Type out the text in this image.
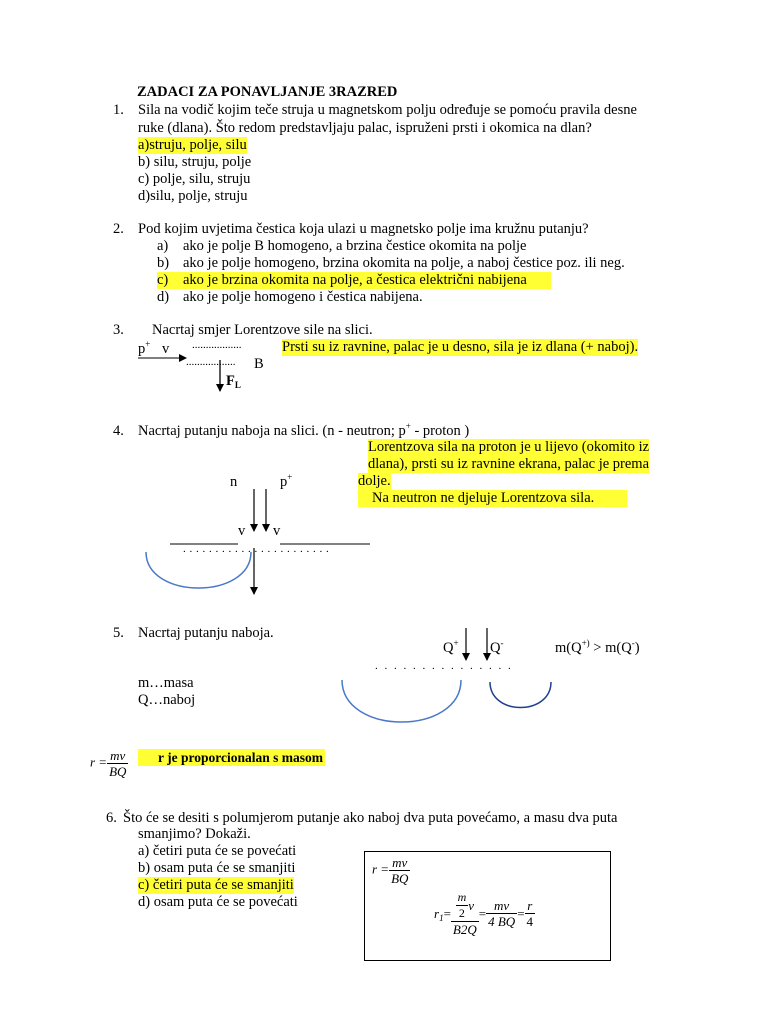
ZADACI ZA PONAVLJANJE 3RAZRED
1. Sila na vodič kojim teče struja u magnetskom polju određuje se pomoću pravila desne
ruke (dlana). Što redom predstavljaju palac, ispruženi prsti i okomica na dlan?
a)struju, polje, silu
b) silu, struju, polje
c) polje, silu, struju
d)silu, polje, struju
2. Pod kojim uvjetima čestica koja ulazi u magnetsko polje ima kružnu putanju?
a) ako je polje B homogeno, a brzina čestice okomita na polje
b) ako je polje homogeno, brzina okomita na polje, a naboj čestice poz. ili neg.
c) ako je brzina okomita na polje, a čestica električni nabijena
d) ako je polje homogeno i čestica nabijena.
3. Nacrtaj smjer Lorentzove sile na slici.
p+ v ..................
.................. B
$F_L$
Prsti su iz ravnine, palac je u desno, sila je iz dlana (+ naboj).
4. Nacrtaj putanju naboja na slici. (n - neutron; p+ - proton )
Lorentzova sila na proton je u lijevo (okomito iz
dlana), prsti su iz ravnine ekrana, palac je prema
dolje.
Na neutron ne djeluje Lorentzova sila.
n	p+
v v
. . . . . . . . . . . . . . . . . . . . . . .
5. Nacrtaj putanju naboja.
Q+ Q-	m(Q+) > m(Q-)
. . . . . . . . . . . . . . .
m…masa
Q…naboj
$r = \frac{mv}{BQ}$	r je proporcionalan s masom
6. Što će se desiti s polumjerom putanje ako naboj dva puta povećamo, a masu dva puta
smanjimo? Dokaži.
a) četiri puta će se povećati
b) osam puta će se smanjiti
c) četiri puta će se smanjiti
d) osam puta će se povećati
$r = \frac{mv}{BQ}$
$r_1= \frac{\frac{m}{2} v}{B2Q} = \frac{mv}{4 BQ} = \frac{r}{4}$
